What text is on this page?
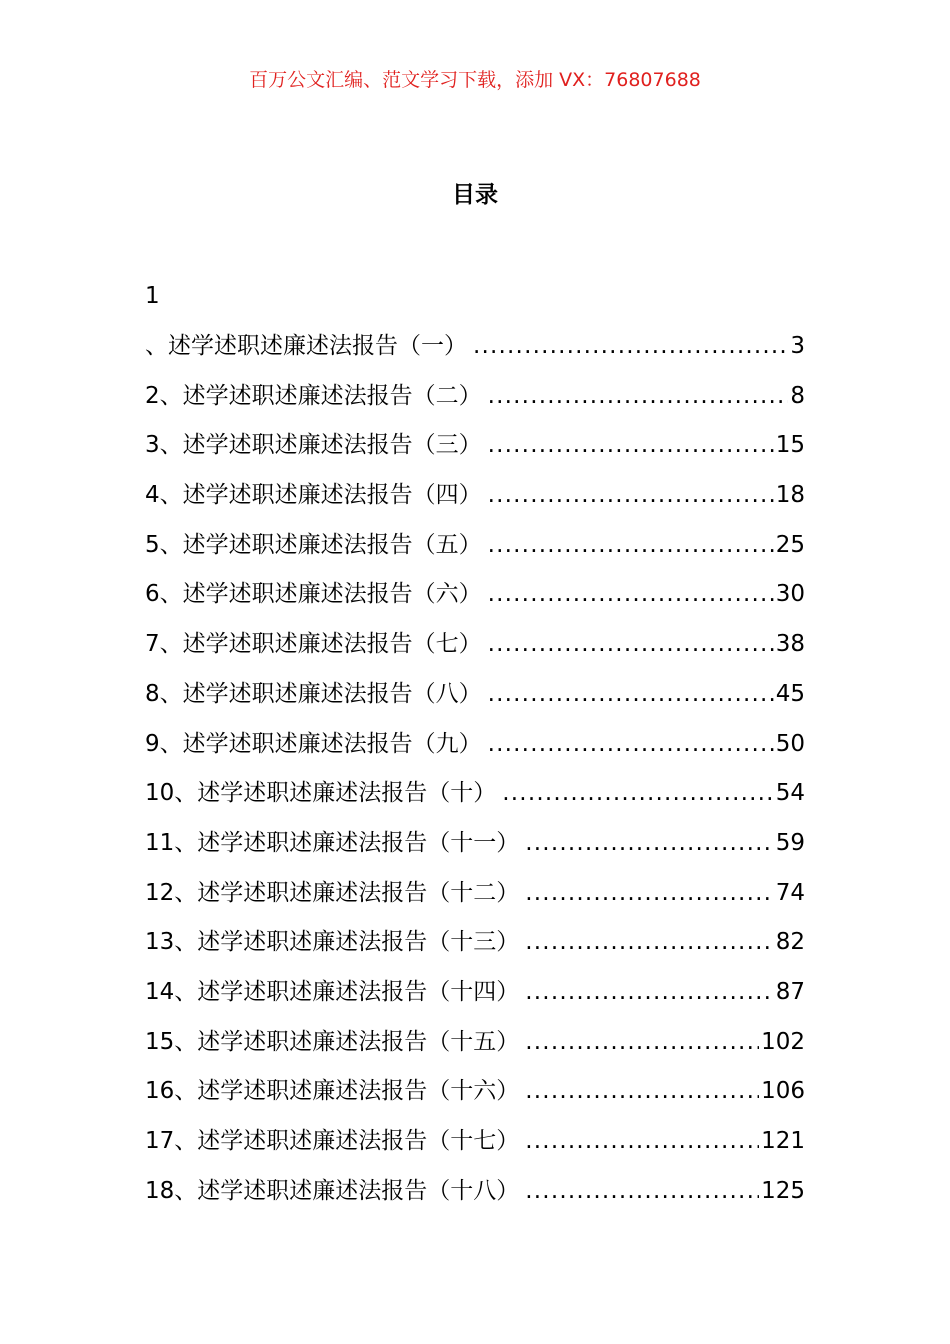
百万公文汇编、范文学习下载，添加 VX：76807688
目录
1
、述学述职述廉述法报告（一） .....	3
2、述学述职述廉述法报告（二） .....	8
3、述学述职述廉述法报告（三） .....	15
4、述学述职述廉述法报告（四） .....	18
5、述学述职述廉述法报告（五） .....	25
6、述学述职述廉述法报告（六） .....	30
7、述学述职述廉述法报告（七） .....	38
8、述学述职述廉述法报告（八） .....	45
9、述学述职述廉述法报告（九） .....	50
10、述学述职述廉述法报告（十） .....	54
11、述学述职述廉述法报告（十一） .....	59
12、述学述职述廉述法报告（十二） .....	74
13、述学述职述廉述法报告（十三） .....	82
14、述学述职述廉述法报告（十四） .....	87
15、述学述职述廉述法报告（十五） .....	102
16、述学述职述廉述法报告（十六） .....	106
17、述学述职述廉述法报告（十七） .....	121
18、述学述职述廉述法报告（十八） .....	125
